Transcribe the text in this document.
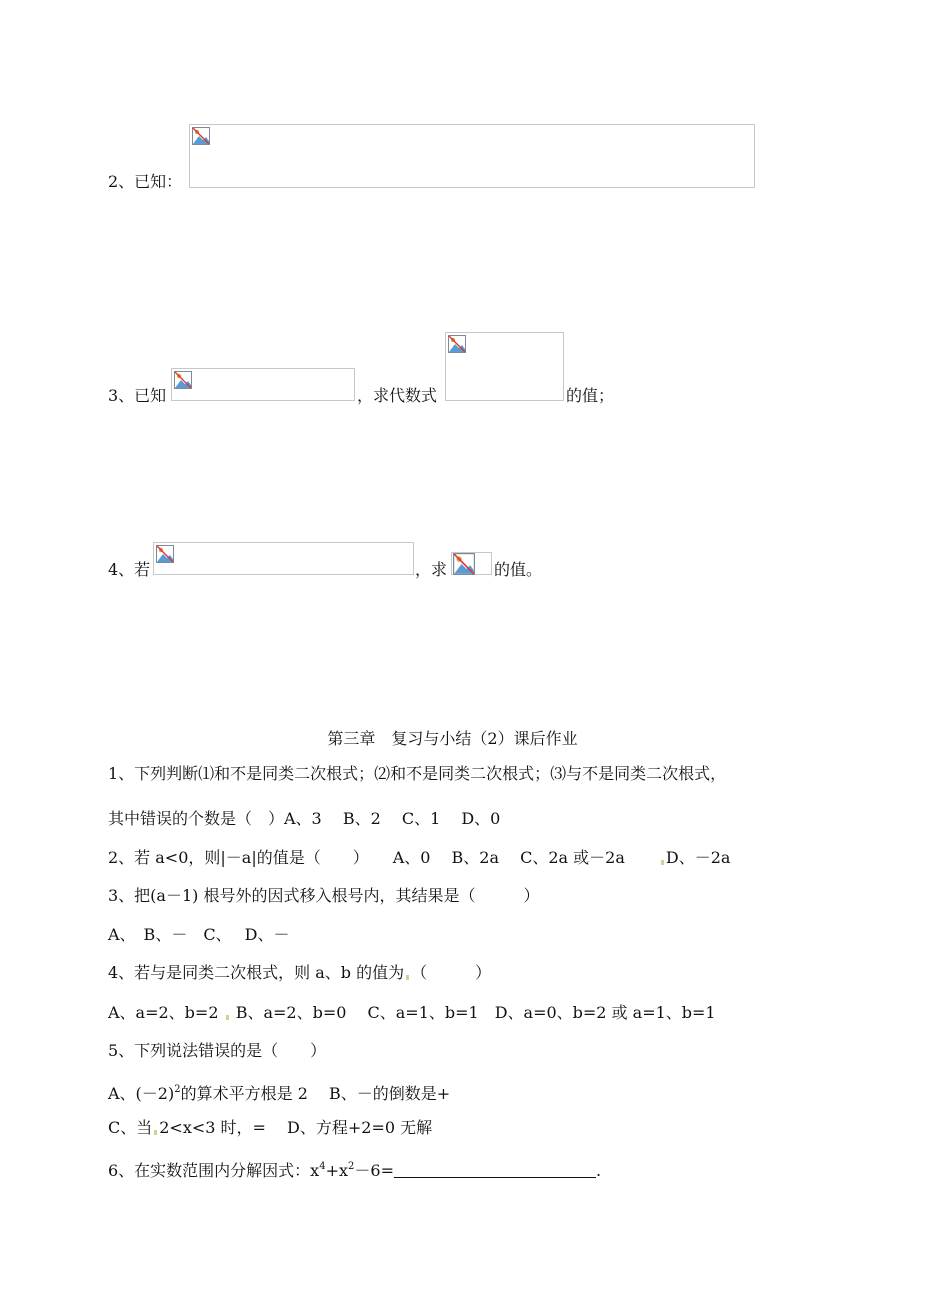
2、已知：
3、已知	，求代数式	的值；
4、若	，求	的值。
第三章　复习与小结（2）课后作业
1、下列判断⑴和不是同类二次根式；⑵和不是同类二次根式；⑶与不是同类二次根式，
其中错误的个数是（　）A、3　 B、2　 C、1　 D、0
2、若 a<0，则|－a|的值是（　　）　　A、0　 B、2a　 C、2a 或－2a	D、－2a
3、把(a－1) 根号外的因式移入根号内，其结果是（　　　）
A、　B、－　C、　 D、－
4、若与是同类二次根式，则 a、b 的值为 （　　　）
A、a=2、b=2 B、a=2、b=0　 C、a=1、b=1　D、a=0、b=2 或 a=1、b=1
5、下列说法错误的是（　　）
A、$(-2)^2$的算术平方根是 2　 B、－的倒数是+
C、当 2<x<3 时，=　 D、方程+2=0 无解
6、在实数范围内分解因式：$x^4+x^2-6=$	.
